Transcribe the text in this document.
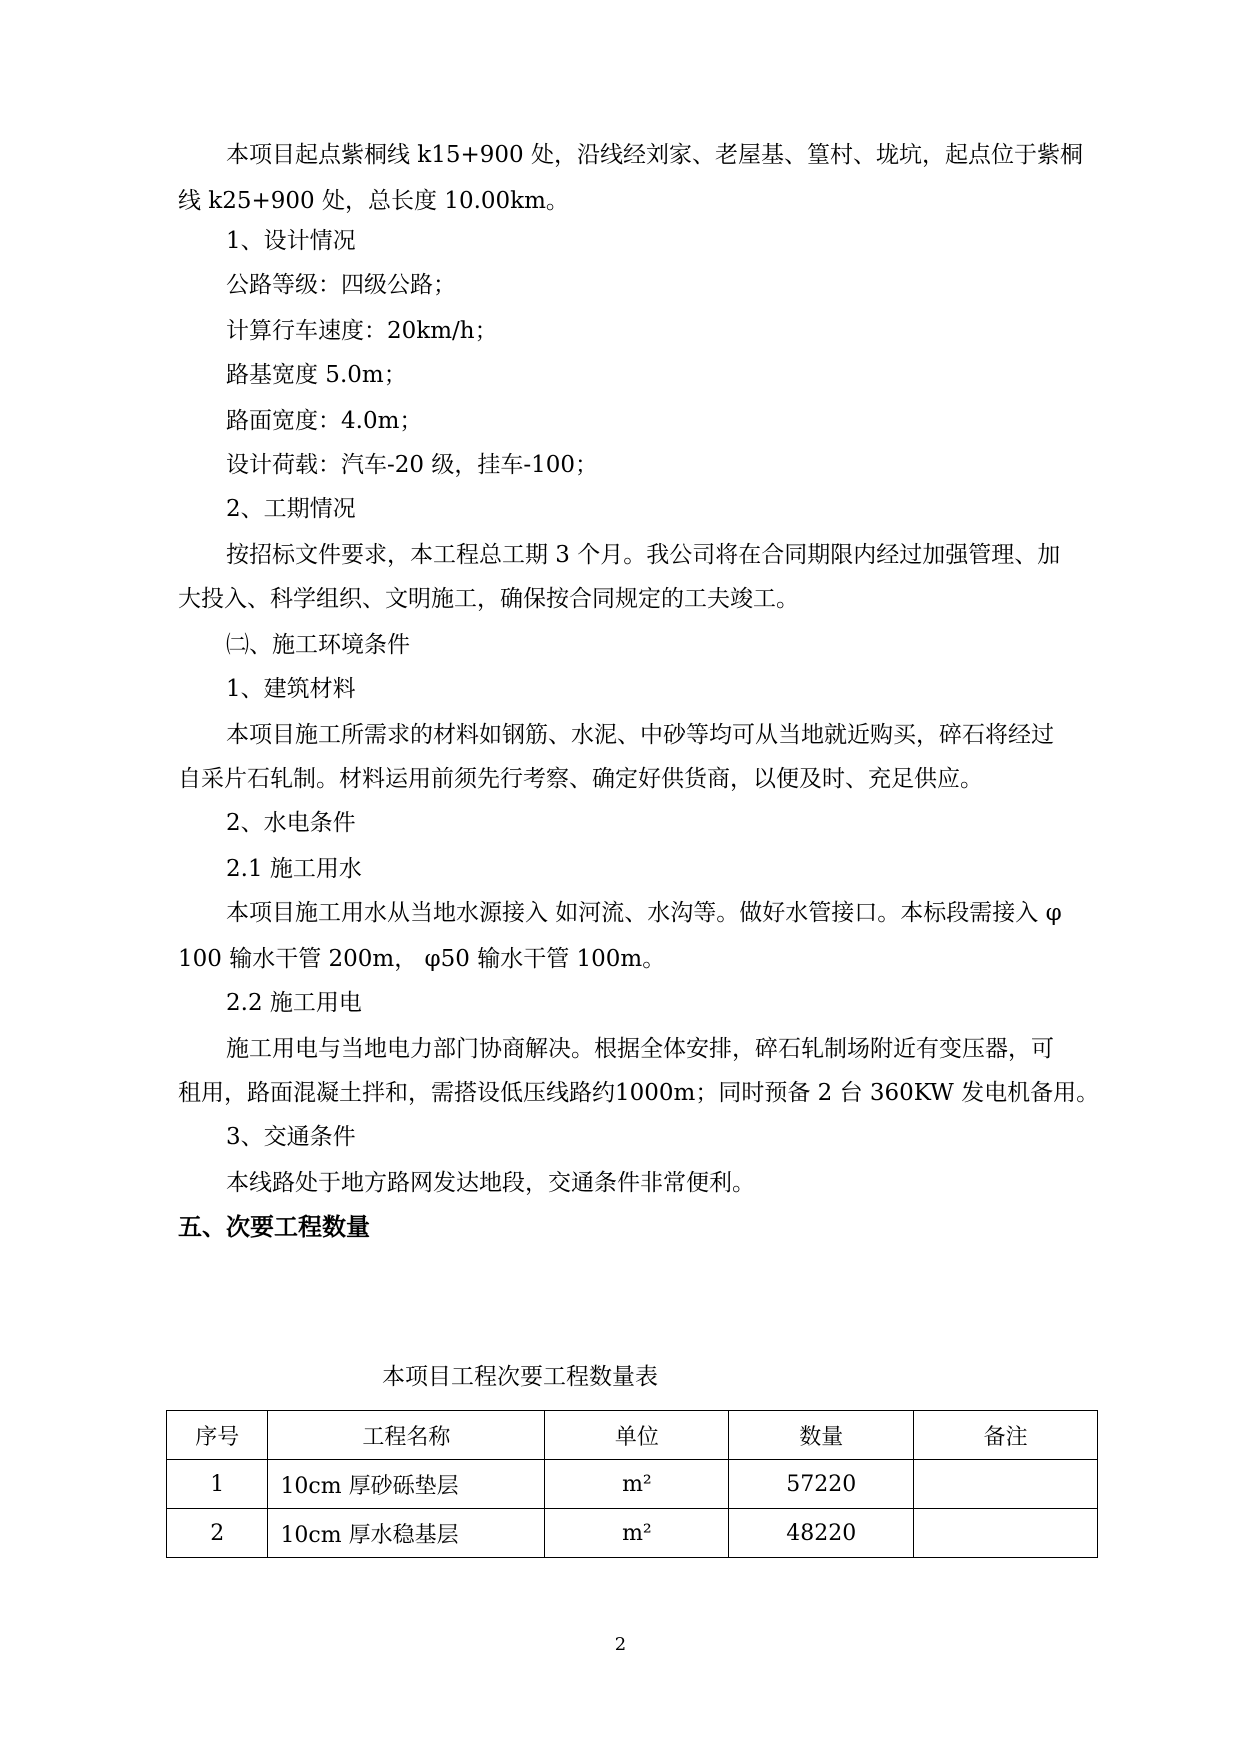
本项目起点紫桐线 k15+900 处，沿线经刘家、老屋基、篁村、垅坑，起点位于紫桐
线 k25+900 处，总长度 10.00km。
1、设计情况
公路等级：四级公路；
计算行车速度：20km/h；
路基宽度 5.0m；
路面宽度：4.0m；
设计荷载：汽车-20 级，挂车-100；
2、工期情况
按招标文件要求，本工程总工期 3 个月。我公司将在合同期限内经过加强管理、加
大投入、科学组织、文明施工，确保按合同规定的工夫竣工。
㈡、施工环境条件
1、建筑材料
本项目施工所需求的材料如钢筋、水泥、中砂等均可从当地就近购买，碎石将经过
自采片石轧制。材料运用前须先行考察、确定好供货商，以便及时、充足供应。
2、水电条件
2.1 施工用水
本项目施工用水从当地水源接入 如河流、水沟等。做好水管接口。本标段需接入 φ
100 输水干管 200m， φ50 输水干管 100m。
2.2 施工用电
施工用电与当地电力部门协商解决。根据全体安排，碎石轧制场附近有变压器，可
租用，路面混凝土拌和，需搭设低压线路约1000m；同时预备 2 台 360KW 发电机备用。
3、交通条件
本线路处于地方路网发达地段，交通条件非常便利。
五、次要工程数量
本项目工程次要工程数量表
序号	工程名称	单位	数量	备注
1	10cm 厚砂砾垫层	m²	57220	
2	10cm 厚水稳基层	m²	48220	
2
